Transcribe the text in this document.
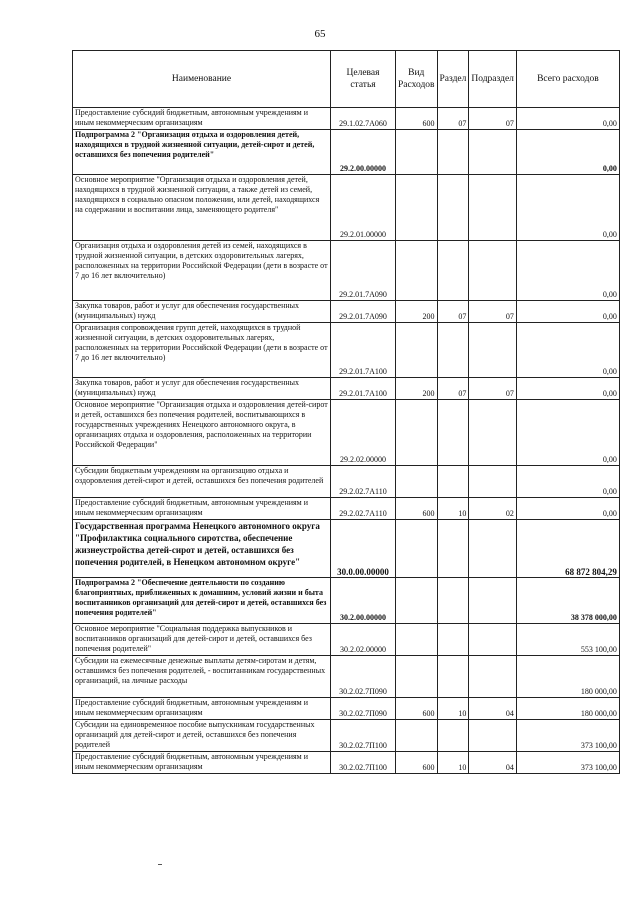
65
Наименование	Целевая статья	Вид Расходов	Раздел	Подраздел	Всего расходов
Предоставление субсидий бюджетным, автономным учреждениям и иным некоммерческим организациям	29.1.02.7А060	600	07	07	0,00
Подпрограмма 2 "Организация отдыха и оздоровления детей, находящихся в трудной жизненной ситуации, детей-сирот и детей, оставшихся без попечения родителей"	29.2.00.00000				0,00
Основное мероприятие "Организация отдыха и оздоровления детей, находящихся в трудной жизненной ситуации, а также детей из семей, находящихся в социально опасном положении, или детей, находящихся на содержании и воспитании лица, заменяющего родителя"	29.2.01.00000				0,00
Организация отдыха и оздоровления детей из семей, находящихся в трудной жизненной ситуации, в детских оздоровительных лагерях, расположенных на территории Российской Федерации (дети в возрасте от 7 до 16 лет включительно)	29.2.01.7А090				0,00
Закупка товаров, работ и услуг для обеспечения государственных (муниципальных) нужд	29.2.01.7А090	200	07	07	0,00
Организация сопровождения групп детей, находящихся в трудной жизненной ситуации, в детских оздоровительных лагерях, расположенных на территории Российской Федерации (дети в возрасте от 7 до 16 лет включительно)	29.2.01.7А100				0,00
Закупка товаров, работ и услуг для обеспечения государственных (муниципальных) нужд	29.2.01.7А100	200	07	07	0,00
Основное мероприятие "Организация отдыха и оздоровления детей-сирот и детей, оставшихся без попечения родителей, воспитывающихся в государственных учреждениях Ненецкого автономного округа, в организациях отдыха и оздоровления, расположенных на территории Российской Федерации"	29.2.02.00000				0,00
Субсидии бюджетным учреждениям на организацию отдыха и оздоровления детей-сирот и детей, оставшихся без попечения родителей	29.2.02.7А110				0,00
Предоставление субсидий бюджетным, автономным учреждениям и иным некоммерческим организациям	29.2.02.7А110	600	10	02	0,00
Государственная программа Ненецкого автономного округа "Профилактика социального сиротства, обеспечение жизнеустройства детей-сирот и детей, оставшихся без попечения родителей, в Ненецком автономном округе"	30.0.00.00000				68 872 804,29
Подпрограмма 2 "Обеспечение деятельности по созданию благоприятных, приближенных к домашним, условий жизни и быта воспитанников организаций для детей-сирот и детей, оставшихся без попечения родителей"	30.2.00.00000				38 378 000,00
Основное мероприятие "Социальная поддержка выпускников и воспитанников организаций для детей-сирот и детей, оставшихся без попечения родителей"	30.2.02.00000				553 100,00
Субсидии на ежемесячные денежные выплаты детям-сиротам и детям, оставшимся без попечения родителей, - воспитанникам государственных организаций, на личные расходы	30.2.02.7П090				180 000,00
Предоставление субсидий бюджетным, автономным учреждениям и иным некоммерческим организациям	30.2.02.7П090	600	10	04	180 000,00
Субсидии на единовременное пособие выпускникам государственных организаций для детей-сирот и детей, оставшихся без попечения родителей	30.2.02.7П100				373 100,00
Предоставление субсидий бюджетным, автономным учреждениям и иным некоммерческим организациям	30.2.02.7П100	600	10	04	373 100,00
